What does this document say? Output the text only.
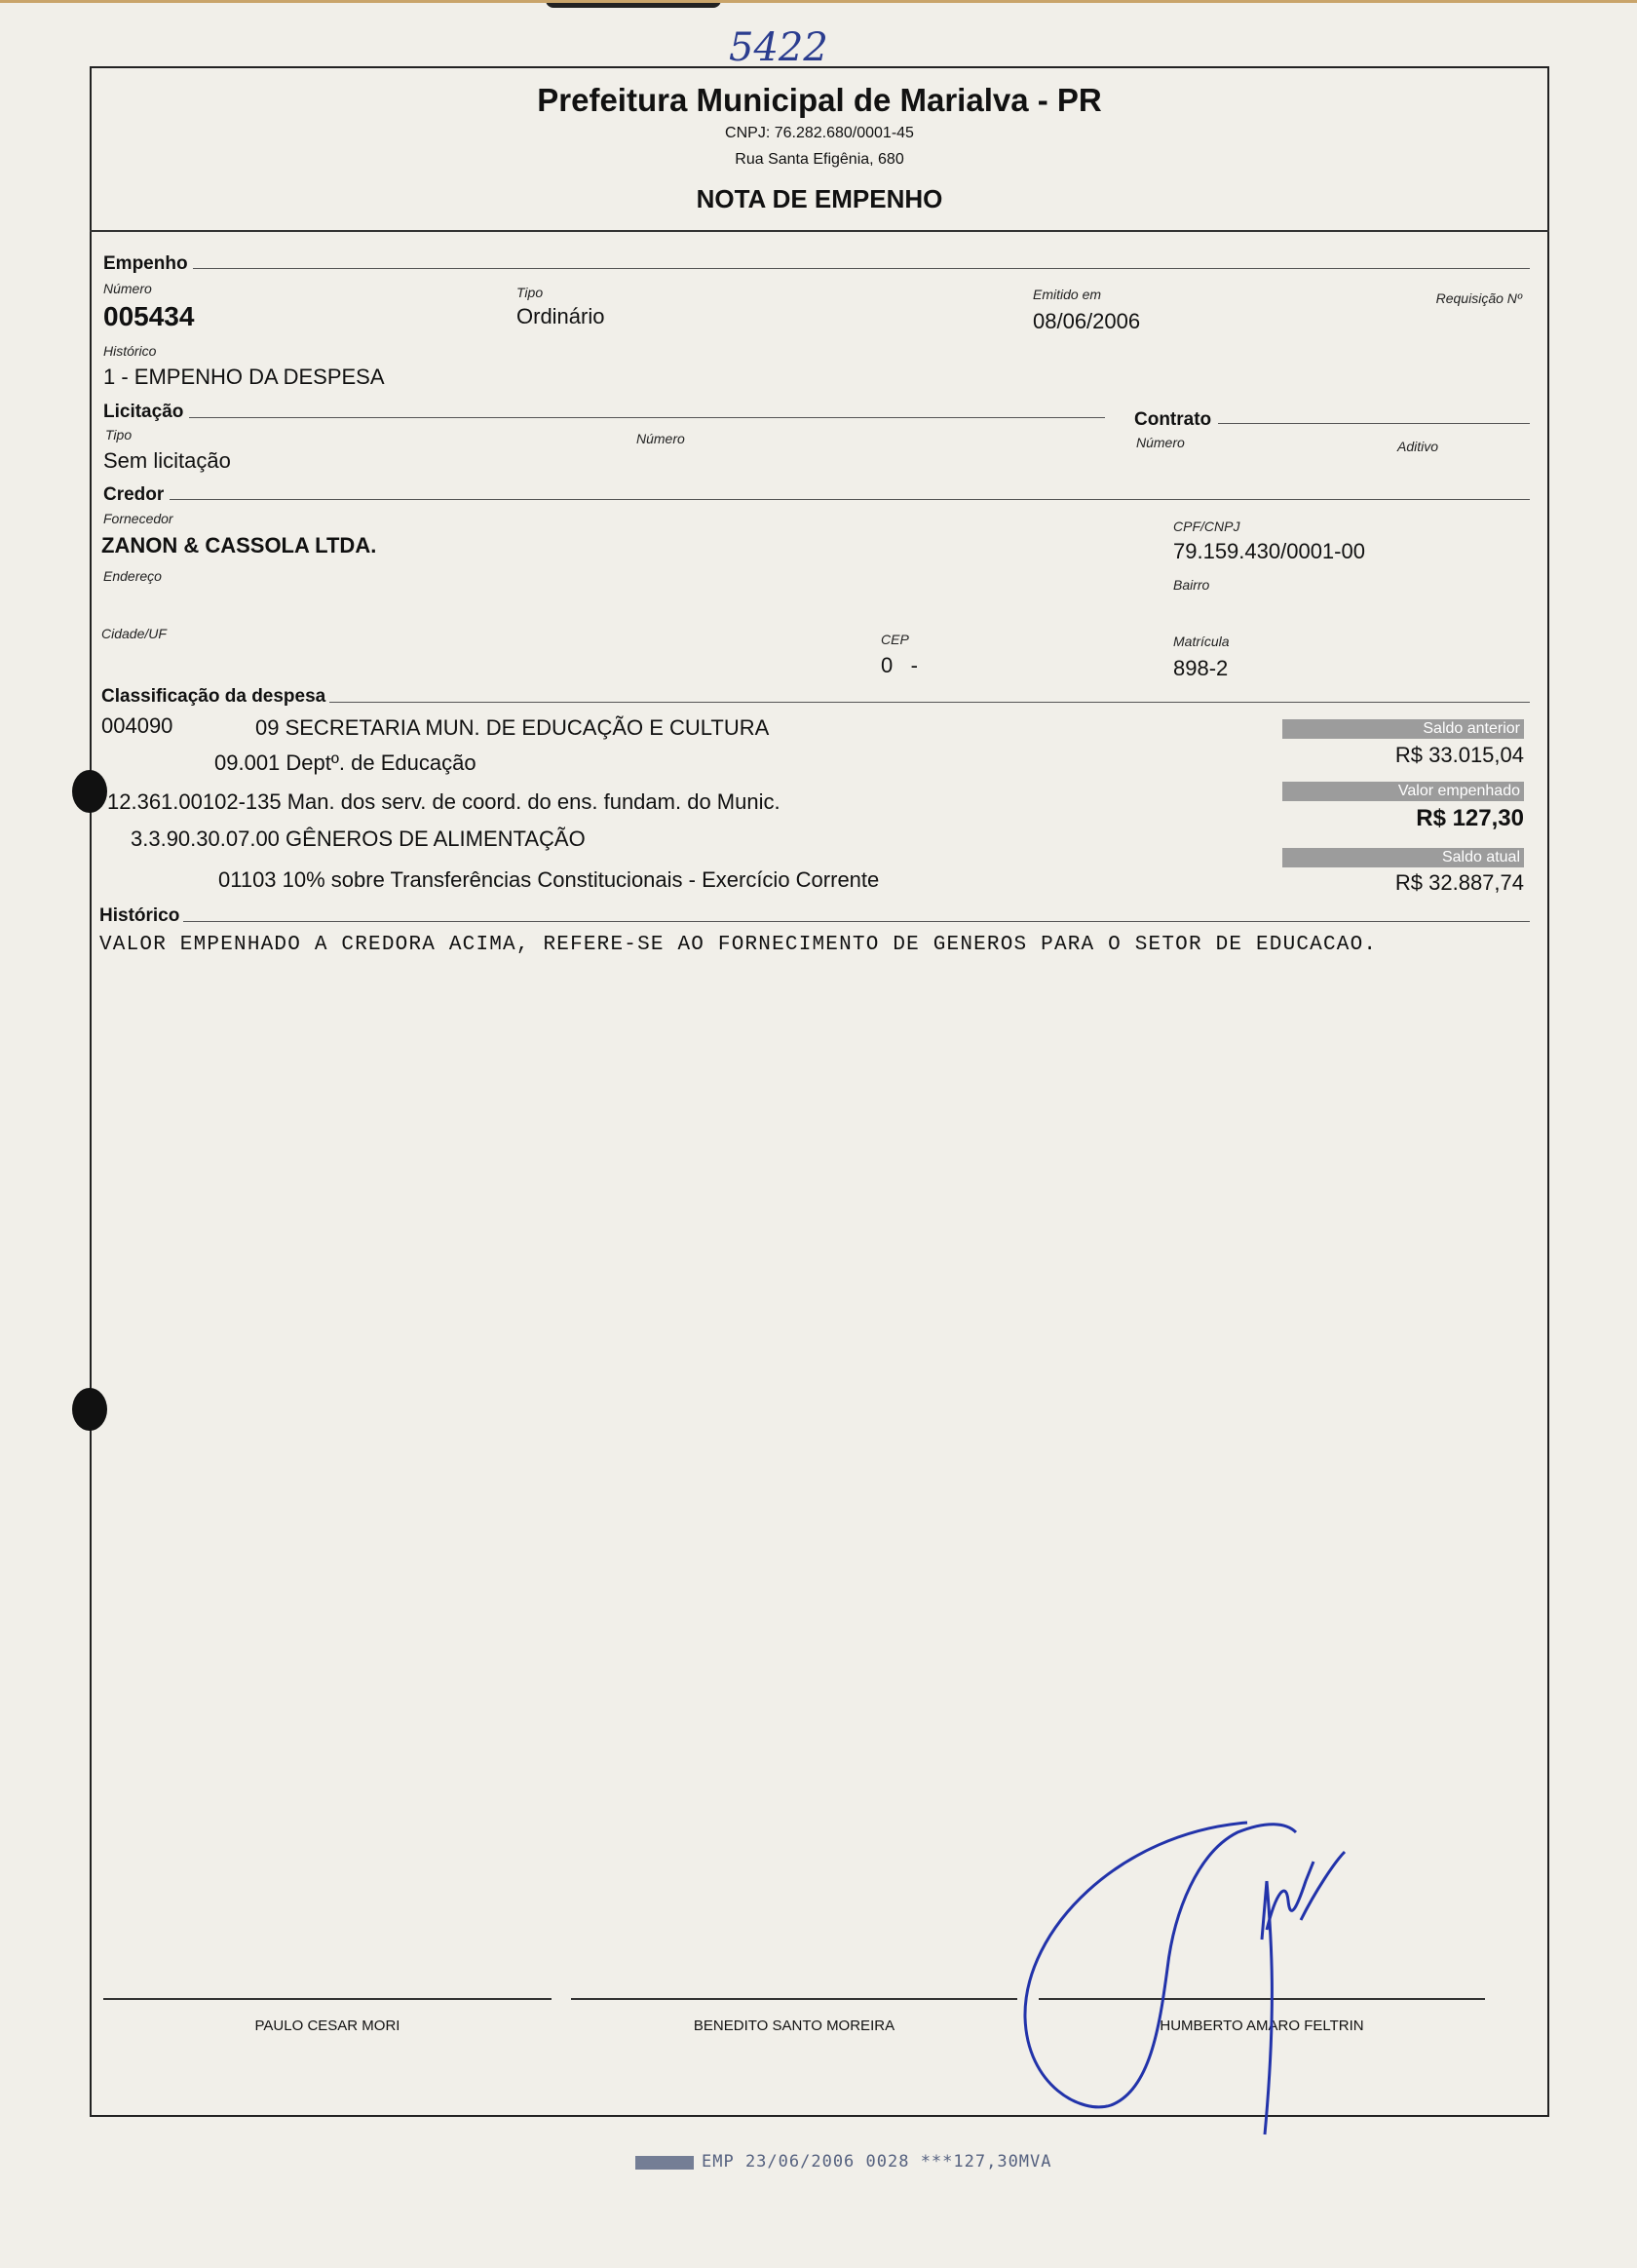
5422
Prefeitura Municipal de Marialva - PR
CNPJ: 76.282.680/0001-45
Rua Santa Efigênia, 680
NOTA DE EMPENHO
Empenho
Número
005434
Tipo
Ordinário
Emitido em
08/06/2006
Requisição Nº
Histórico
1 - EMPENHO DA DESPESA
Licitação
Tipo
Sem licitação
Número
Contrato
Número	Aditivo
Credor
Fornecedor
ZANON & CASSOLA LTDA.
CPF/CNPJ
79.159.430/0001-00
Endereço
Bairro
Cidade/UF	CEP
0   -
Matrícula
898-2
Classificação da despesa
004090	09 SECRETARIA MUN. DE EDUCAÇÃO E CULTURA
09.001 Deptº. de Educação
12.361.00102-135 Man. dos serv. de coord. do ens. fundam. do Munic.
3.3.90.30.07.00 GÊNEROS DE ALIMENTAÇÃO
01103 10% sobre Transferências Constitucionais - Exercício Corrente
Saldo anterior
R$ 33.015,04
Valor empenhado
R$ 127,30
Saldo atual
R$ 32.887,74
Histórico
VALOR EMPENHADO A CREDORA ACIMA, REFERE-SE AO FORNECIMENTO DE GENEROS PARA O SETOR DE EDUCACAO.
PAULO CESAR MORI	BENEDITO SANTO MOREIRA	HUMBERTO AMARO FELTRIN
EMP 23/06/2006 0028 ***127,30MVA
